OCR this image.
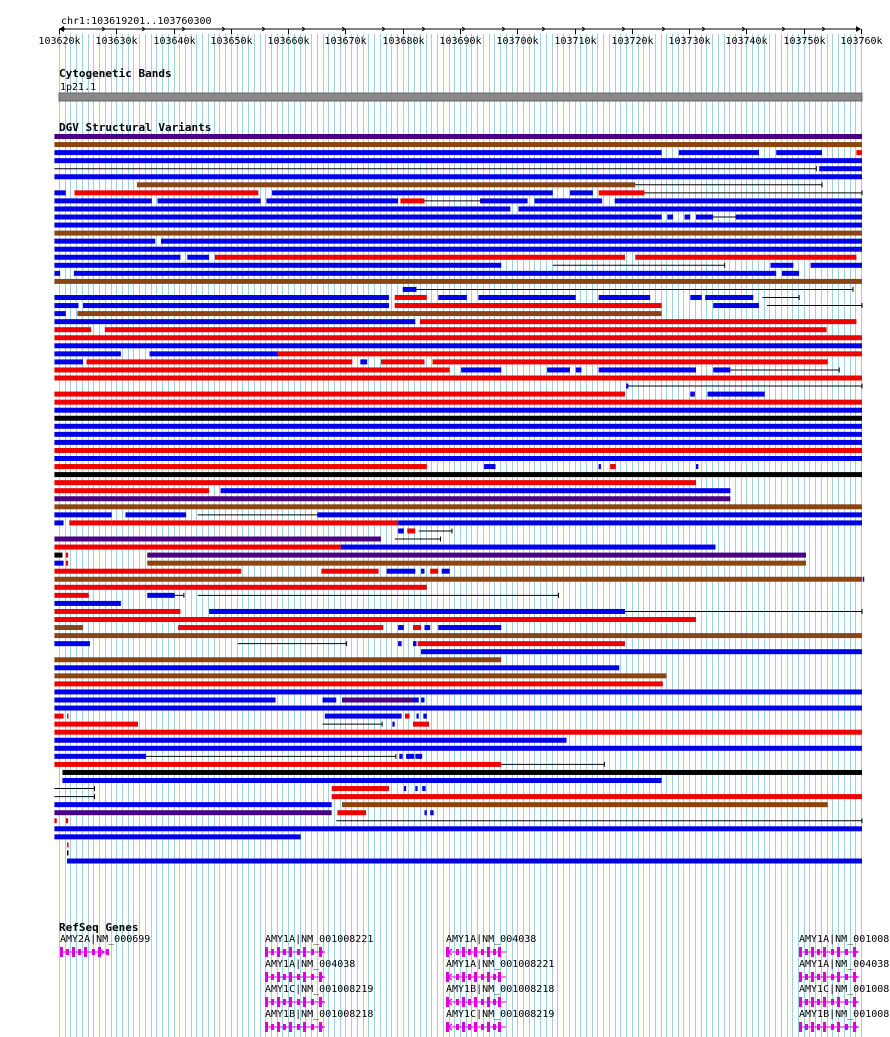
chr1:103619201..103760300
103620k 103630k 103640k 103650k 103660k 103670k 103680k 103690k 103700k 103710k 103720k 103730k 103740k 103750k 103760k
Cytogenetic Bands
1p21.1
DGV Structural Variants
RefSeq Genes
AMY2A|NM_000699	AMY1A|NM_001008221
AMY1A|NM_004038
AMY1C|NM_001008219
AMY1B|NM_001008218
AMY1A|NM_004038
AMY1A|NM_001008221
AMY1B|NM_001008218
AMY1C|NM_001008219
AMY1A|NM_001008
AMY1A|NM_004038
AMY1C|NM_001008
AMY1B|NM_001008
